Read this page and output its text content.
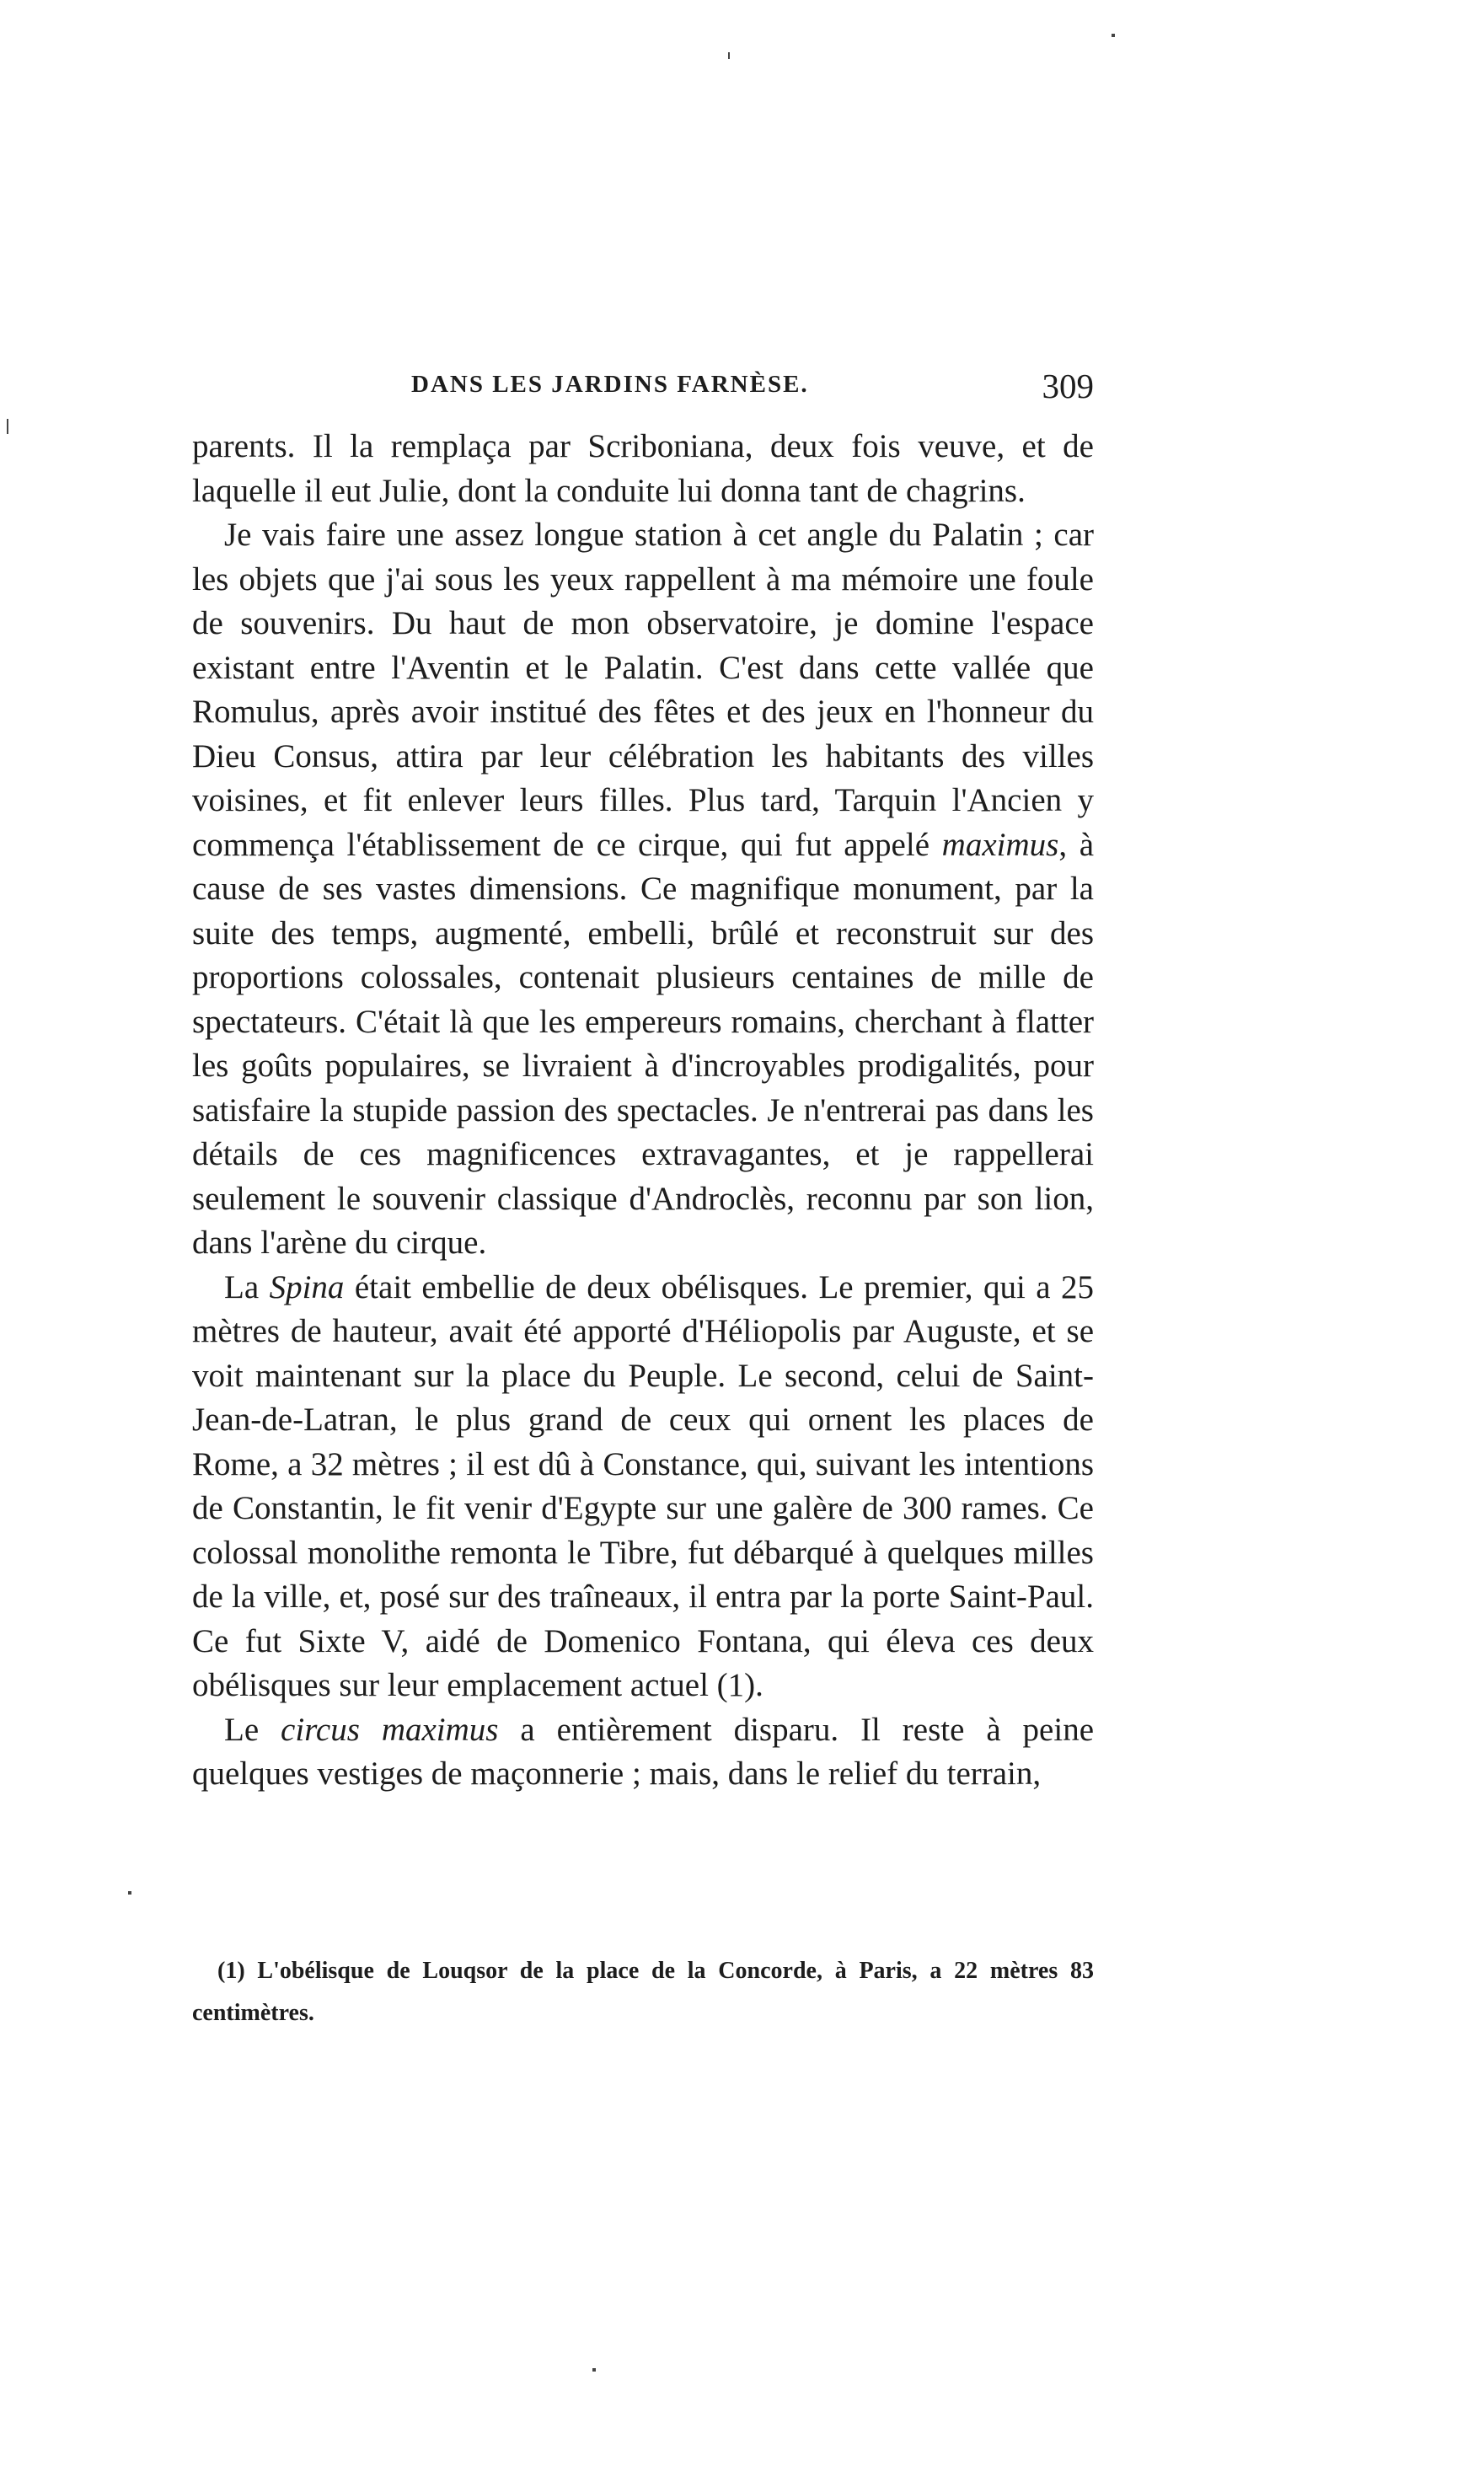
DANS LES JARDINS FARNÈSE.	309

parents. Il la remplaça par Scriboniana, deux fois veuve, et de laquelle il eut Julie, dont la conduite lui donna tant de chagrins.

Je vais faire une assez longue station à cet angle du Palatin ; car les objets que j'ai sous les yeux rappellent à ma mémoire une foule de souvenirs. Du haut de mon observatoire, je domine l'espace existant entre l'Aventin et le Palatin. C'est dans cette vallée que Romulus, après avoir institué des fêtes et des jeux en l'honneur du Dieu Consus, attira par leur célébration les habitants des villes voisines, et fit enlever leurs filles. Plus tard, Tarquin l'Ancien y commença l'établissement de ce cirque, qui fut appelé maximus, à cause de ses vastes dimensions. Ce magnifique monument, par la suite des temps, augmenté, embelli, brûlé et reconstruit sur des proportions colossales, contenait plusieurs centaines de mille de spectateurs. C'était là que les empereurs romains, cherchant à flatter les goûts populaires, se livraient à d'incroyables prodigalités, pour satisfaire la stupide passion des spectacles. Je n'entrerai pas dans les détails de ces magnificences extravagantes, et je rappellerai seulement le souvenir classique d'Androclès, reconnu par son lion, dans l'arène du cirque.

La Spina était embellie de deux obélisques. Le premier, qui a 25 mètres de hauteur, avait été apporté d'Héliopolis par Auguste, et se voit maintenant sur la place du Peuple. Le second, celui de Saint-Jean-de-Latran, le plus grand de ceux qui ornent les places de Rome, a 32 mètres ; il est dû à Constance, qui, suivant les intentions de Constantin, le fit venir d'Egypte sur une galère de 300 rames. Ce colossal monolithe remonta le Tibre, fut débarqué à quelques milles de la ville, et, posé sur des traîneaux, il entra par la porte Saint-Paul. Ce fut Sixte V, aidé de Domenico Fontana, qui éleva ces deux obélisques sur leur emplacement actuel (1).

Le circus maximus a entièrement disparu. Il reste à peine quelques vestiges de maçonnerie ; mais, dans le relief du terrain,

(1) L'obélisque de Louqsor de la place de la Concorde, à Paris, a 22 mètres 83 centimètres.
